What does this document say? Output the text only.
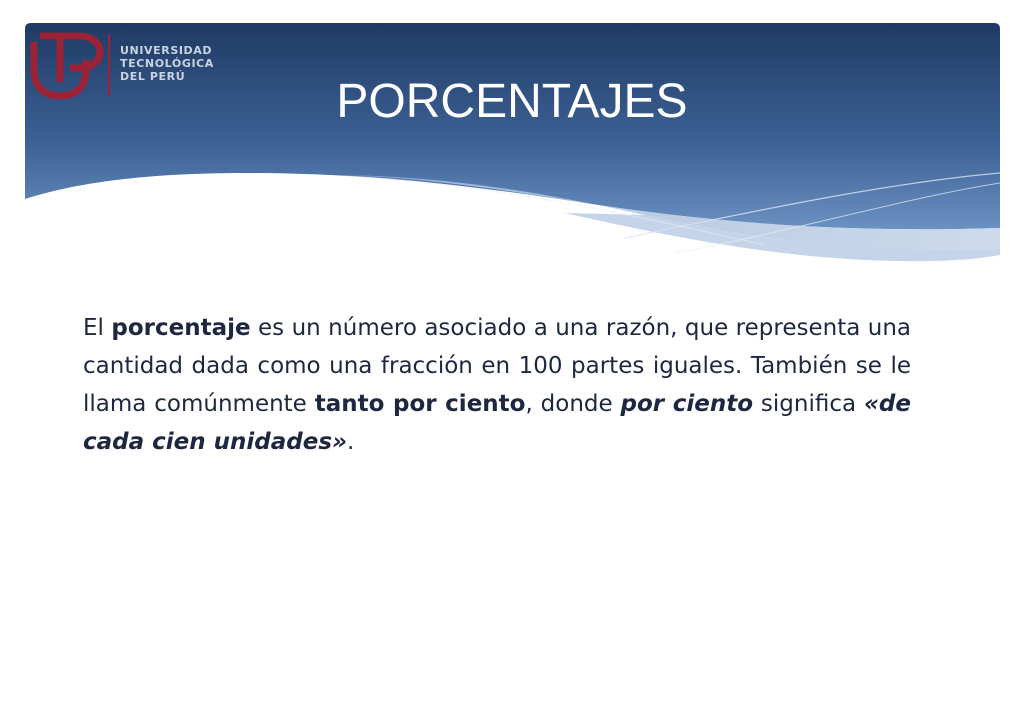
UNIVERSIDAD
TECNOLÓGICA
DEL PERÚ	PORCENTAJES

El porcentaje es un número asociado a una razón, que representa una cantidad dada como una fracción en 100 partes iguales. También se le llama comúnmente tanto por ciento, donde por ciento significa «de cada cien unidades».
